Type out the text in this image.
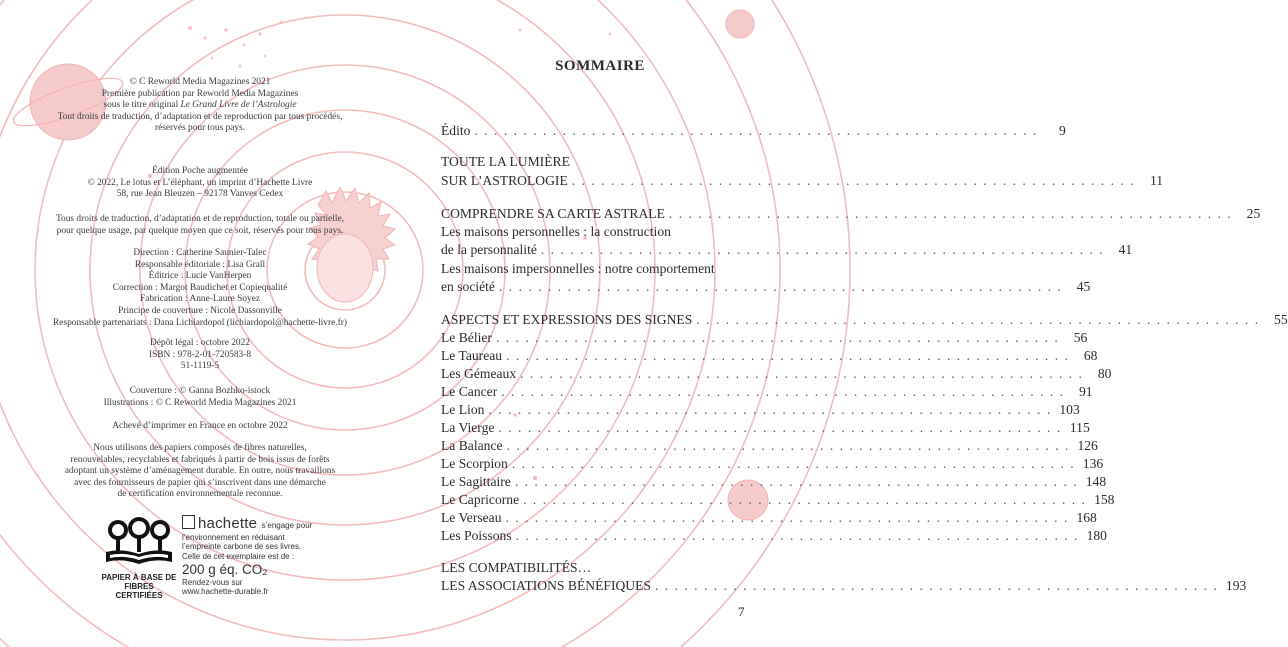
© C Reworld Media Magazines 2021
Première publication par Reworld Media Magazines
sous le titre original Le Grand Livre de l’Astrologie
Tout droits de traduction, d’adaptation et de reproduction par tous procédés,
réservés pour tous pays.
Édition Poche augmentée
© 2022, Le lotus et L’éléphant, un imprint d’Hachette Livre
58, rue Jean Bleuzen – 92178 Vanves Cedex
Tous droits de traduction, d’adaptation et de reproduction, totale ou partielle,
pour quelque usage, par quelque moyen que ce soit, réservés pour tous pays.
Direction : Catherine Saunier-Talec
Responsable éditoriale : Lisa Grall
Éditrice : Lucie VanHerpen
Correction : Margot Baudichet et Copiequalité
Fabrication : Anne-Laure Soyez
Principe de couverture : Nicole Dassonville
Responsable partenariats : Dana Lichiardopol (lichiardopol@hachette-livre.fr)
Dépôt légal : octobre 2022
ISBN : 978-2-01-720583-8
51-1119-5
Couverture : © Ganna Bozhko-istock
Illustrations : © C Reworld Media Magazines 2021
Achevé d’imprimer en France en octobre 2022
Nous utilisons des papiers composés de fibres naturelles,
renouvelables, recyclables et fabriqués à partir de bois issus de forêts
adoptant un système d’aménagement durable. En outre, nous travaillons
avec des fournisseurs de papier qui s’inscrivent dans une démarche
de certification environnementale reconnue.
PAPIER À BASE DE
FIBRES CERTIFIÉES
hachette s’engage pour
l’environnement en réduisant
l’empreinte carbone de ses livres.
Celle de cet exemplaire est de :
200 g éq. CO₂
Rendez-vous sur
www.hachette-durable.fr
SOMMAIRE
Édito . . . . . . . . . . . . . . . . . . . . . . . . . . . . . . . . . . . . . . . . . . . . . . . . . . . . . . . . . .	9
TOUTE LA LUMIÈRE
SUR L’ASTROLOGIE . . . . . . . . . . . . . . . . . . . . . . . . . . . . . . . . . . . . . . . . . . . . . . . . . . . . . . . . . .	11
COMPRENDRE SA CARTE ASTRALE . . . . . . . . . . . . . . . . . . . . . . . . . . . . . . . . . . . . . . . . . . . . . . . . . . . . . . . . . .	25
Les maisons personnelles : la construction
de la personnalité . . . . . . . . . . . . . . . . . . . . . . . . . . . . . . . . . . . . . . . . . . . . . . . . . . . . . . . . . .	41
Les maisons impersonnelles : notre comportement
en société . . . . . . . . . . . . . . . . . . . . . . . . . . . . . . . . . . . . . . . . . . . . . . . . . . . . . . . . . .	45
ASPECTS ET EXPRESSIONS DES SIGNES . . . . . . . . . . . . . . . . . . . . . . . . . . . . . . . . . . . . . . . . . . . . . . . . . . . . . . . . . .	55
Le Bélier . . . . . . . . . . . . . . . . . . . . . . . . . . . . . . . . . . . . . . . . . . . . . . . . . . . . . . . . . .	56
Le Taureau . . . . . . . . . . . . . . . . . . . . . . . . . . . . . . . . . . . . . . . . . . . . . . . . . . . . . . . . . .	68
Les Gémeaux . . . . . . . . . . . . . . . . . . . . . . . . . . . . . . . . . . . . . . . . . . . . . . . . . . . . . . . . . .	80
Le Cancer . . . . . . . . . . . . . . . . . . . . . . . . . . . . . . . . . . . . . . . . . . . . . . . . . . . . . . . . . .	91
Le Lion . . . . . . . . . . . . . . . . . . . . . . . . . . . . . . . . . . . . . . . . . . . . . . . . . . . . . . . . . . 103
La Vierge . . . . . . . . . . . . . . . . . . . . . . . . . . . . . . . . . . . . . . . . . . . . . . . . . . . . . . . . . . 115
La Balance . . . . . . . . . . . . . . . . . . . . . . . . . . . . . . . . . . . . . . . . . . . . . . . . . . . . . . . . . . 126
Le Scorpion . . . . . . . . . . . . . . . . . . . . . . . . . . . . . . . . . . . . . . . . . . . . . . . . . . . . . . . . . . 136
Le Sagittaire . . . . . . . . . . . . . . . . . . . . . . . . . . . . . . . . . . . . . . . . . . . . . . . . . . . . . . . . . . 148
Le Capricorne . . . . . . . . . . . . . . . . . . . . . . . . . . . . . . . . . . . . . . . . . . . . . . . . . . . . . . . . . . 158
Le Verseau . . . . . . . . . . . . . . . . . . . . . . . . . . . . . . . . . . . . . . . . . . . . . . . . . . . . . . . . . . 168
Les Poissons . . . . . . . . . . . . . . . . . . . . . . . . . . . . . . . . . . . . . . . . . . . . . . . . . . . . . . . . . . 180
LES COMPATIBILITÉS…
LES ASSOCIATIONS BÉNÉFIQUES . . . . . . . . . . . . . . . . . . . . . . . . . . . . . . . . . . . . . . . . . . . . . . . . . . . . . . . . . . 193
7
